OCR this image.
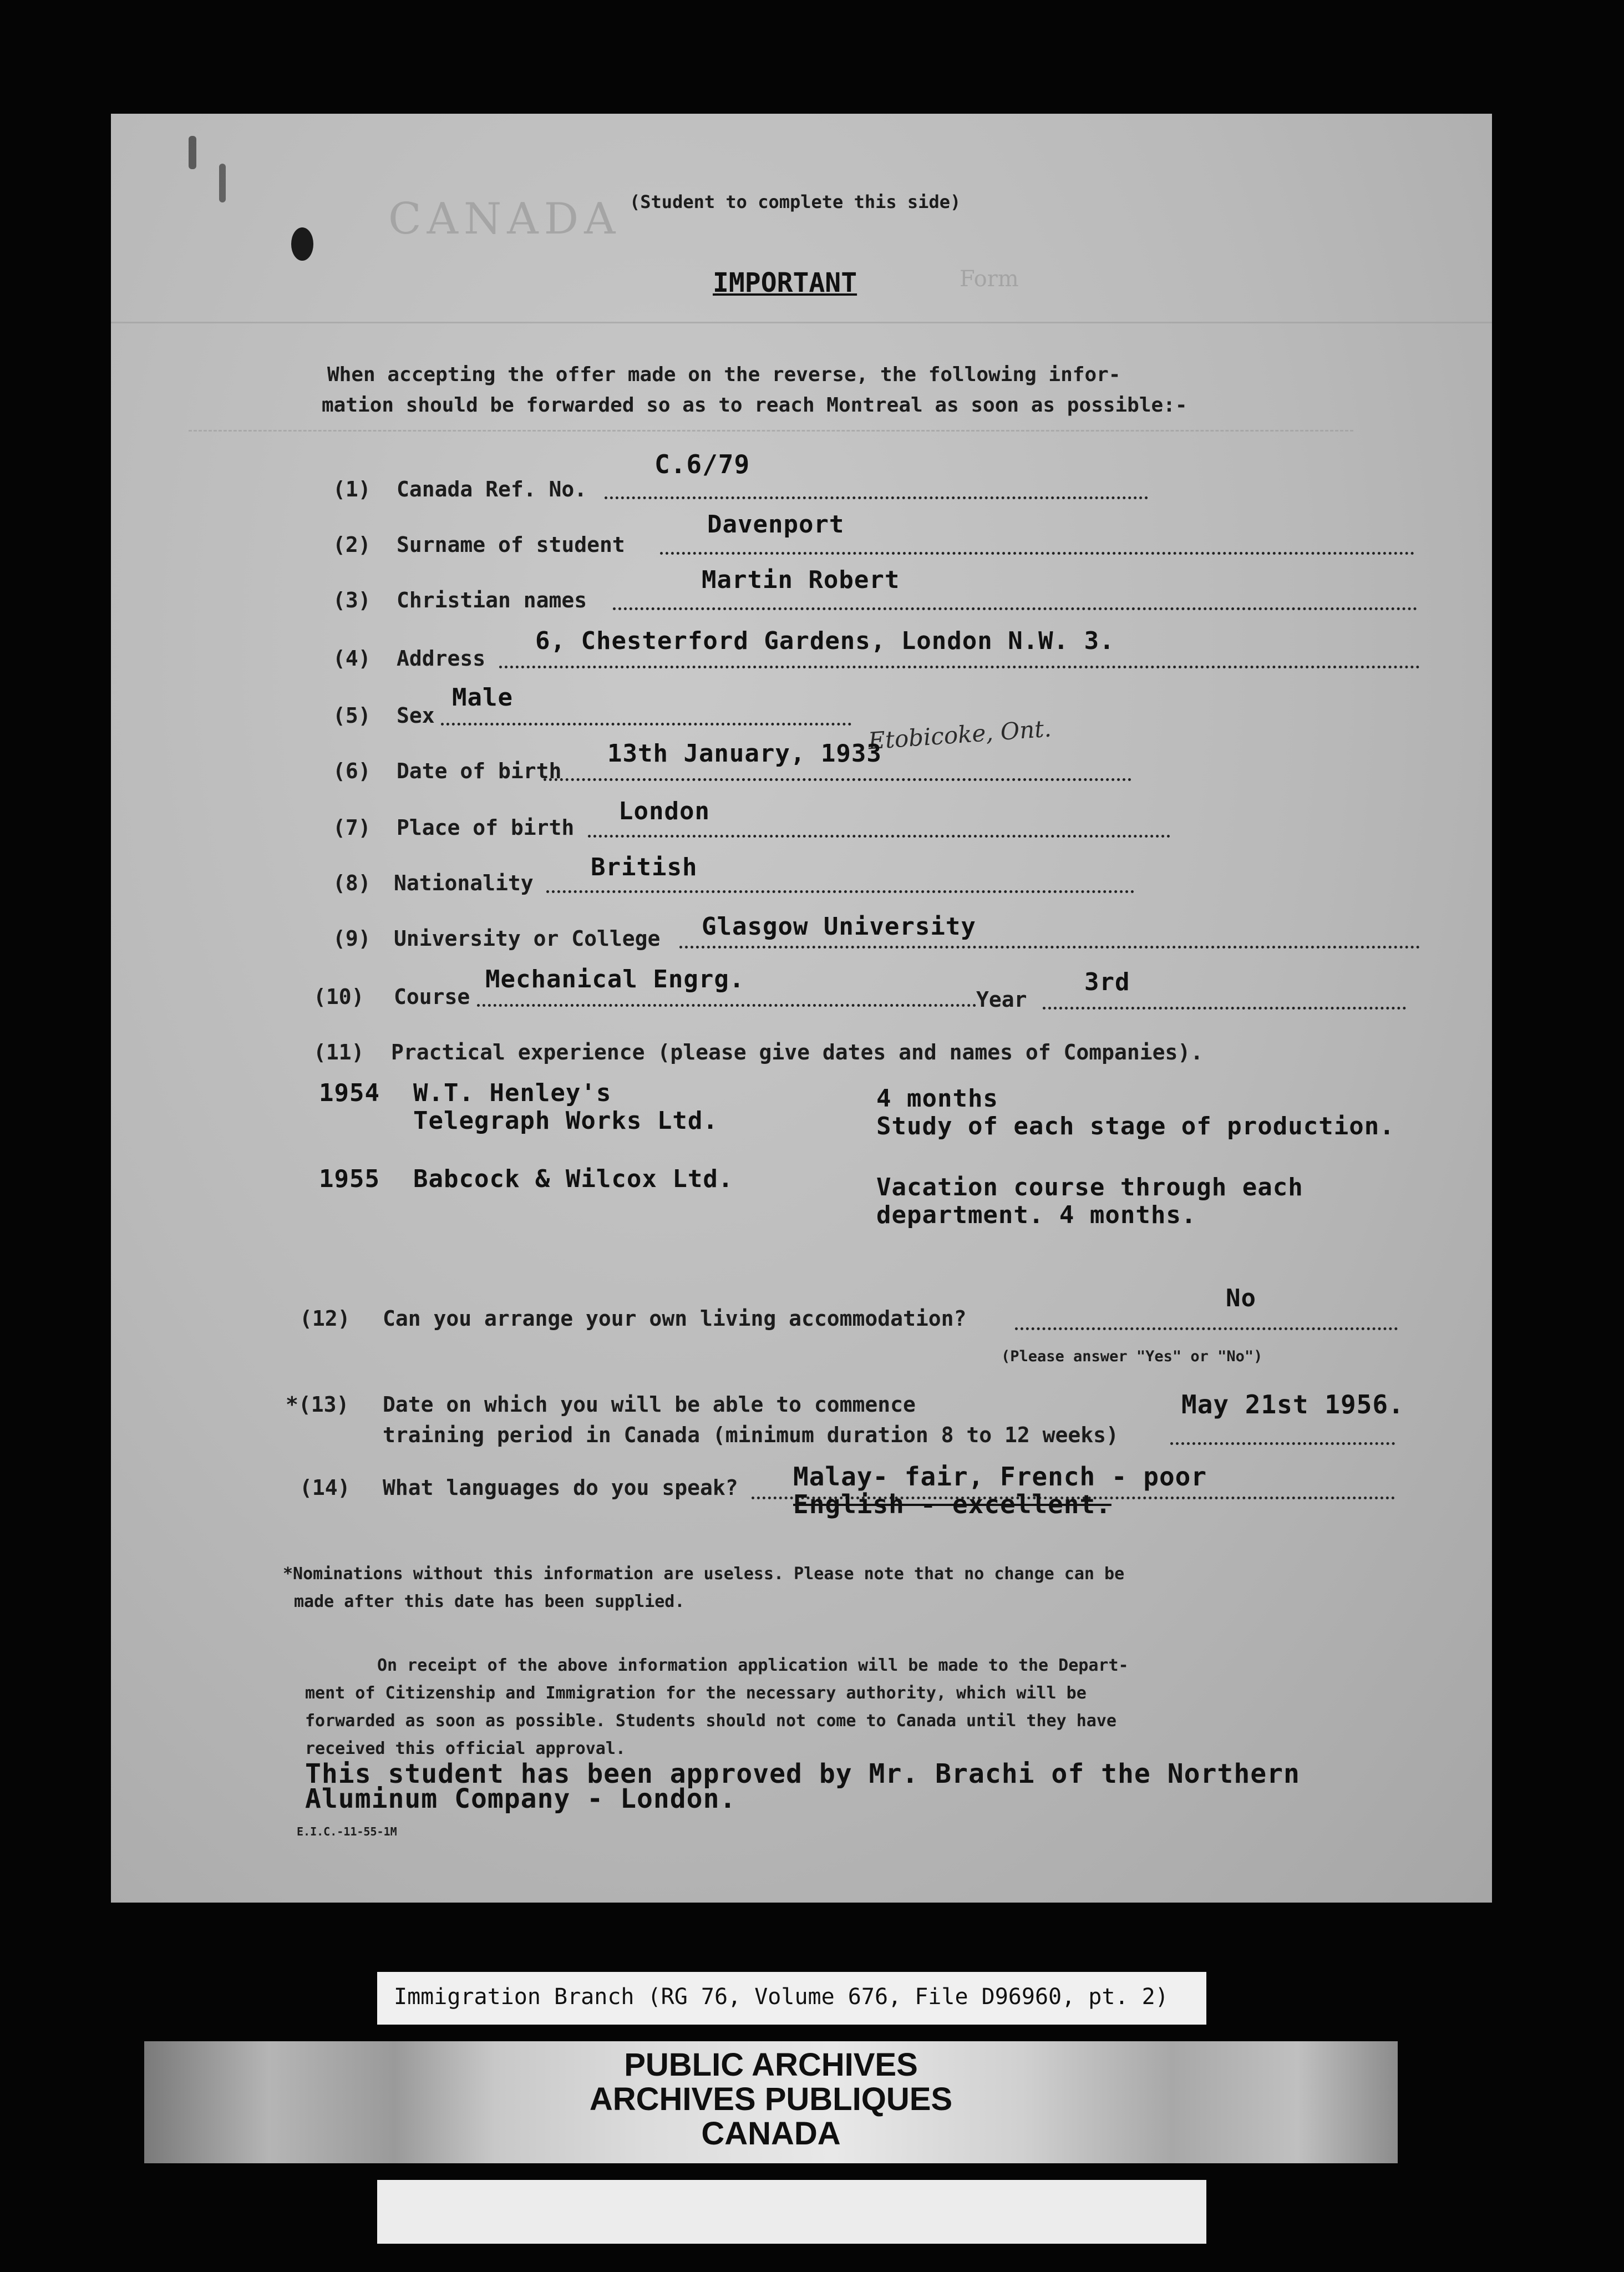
CANADA
Form
(Student to complete this side)
IMPORTANT
When accepting the offer made on the reverse, the following infor-
mation should be forwarded so as to reach Montreal as soon as possible:-
(1) Canada Ref. No.
C.6/79
(2) Surname of student
Davenport
(3) Christian names
Martin Robert
(4) Address
6, Chesterford Gardens, London N.W. 3.
(5) Sex
Male
Etobicoke, Ont.
(6) Date of birth
13th January, 1933
(7) Place of birth
London
(8) Nationality
British
(9) University or College Glasgow University
(10) Course
Mechanical Engrg.
Year
3rd
(11) Practical experience (please give dates and names of Companies).
1954 W.T. Henley's
Telegraph Works Ltd.
4 months
Study of each stage of production.
1955 Babcock & Wilcox Ltd.	Vacation course through each
department. 4 months.
(12) Can you arrange your own living accommodation?
No
(Please answer "Yes" or "No")
*(13) Date on which you will be able to commence
training period in Canada (minimum duration 8 to 12 weeks)
May 21st 1956.
(14) What languages do you speak? Malay- fair, French - poor
English - excellent.
*Nominations without this information are useless. Please note that no change can be
made after this date has been supplied.
On receipt of the above information application will be made to the Depart-
ment of Citizenship and Immigration for the necessary authority, which will be
forwarded as soon as possible. Students should not come to Canada until they have
received this official approval.
This student has been approved by Mr. Brachi of the Northern
Aluminum Company - London.
E.I.C.-11-55-1M
Immigration Branch (RG 76, Volume 676, File D96960, pt. 2)
PUBLIC ARCHIVES
ARCHIVES PUBLIQUES
CANADA
